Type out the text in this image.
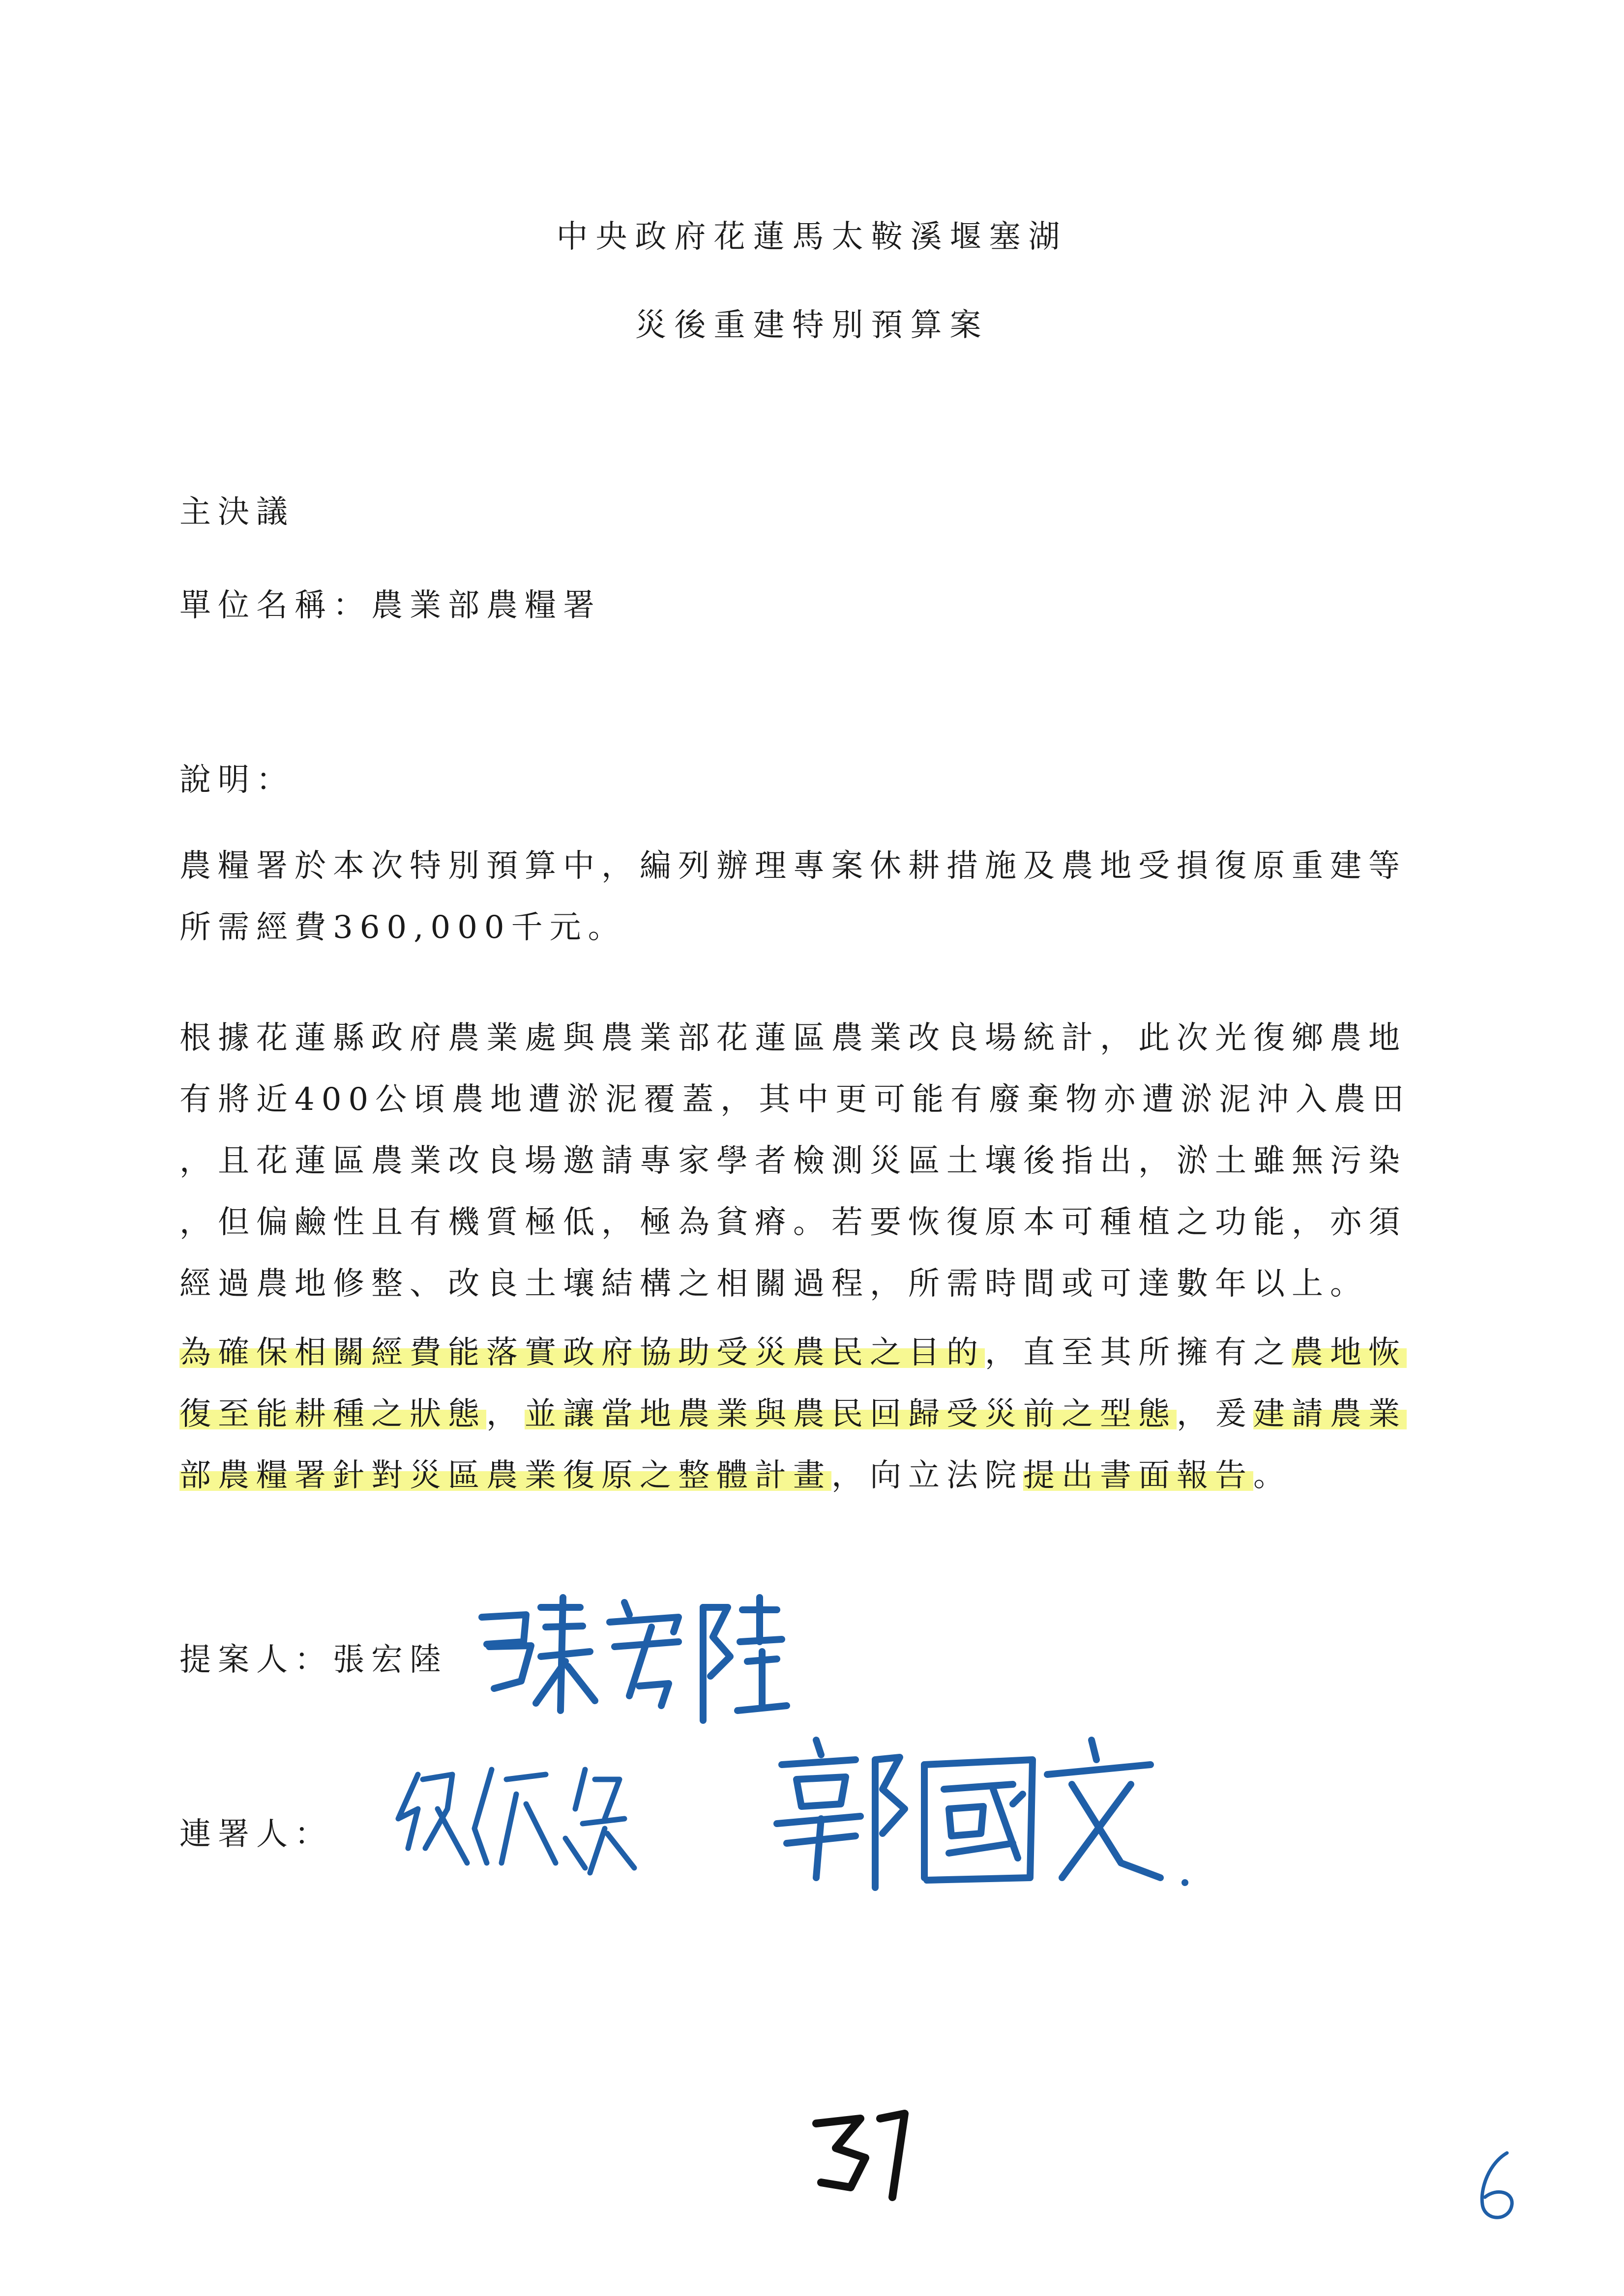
中央政府花蓮馬太鞍溪堰塞湖
災後重建特別預算案
主決議
單位名稱：農業部農糧署
說明：
農糧署於本次特別預算中，編列辦理專案休耕措施及農地受損復原重建等
所需經費360,000千元。
根據花蓮縣政府農業處與農業部花蓮區農業改良場統計，此次光復鄉農地
有將近400公頃農地遭淤泥覆蓋，其中更可能有廢棄物亦遭淤泥沖入農田
，且花蓮區農業改良場邀請專家學者檢測災區土壤後指出，淤土雖無污染
，但偏鹼性且有機質極低，極為貧瘠。若要恢復原本可種植之功能，亦須
經過農地修整、改良土壤結構之相關過程，所需時間或可達數年以上。
為確保相關經費能落實政府協助受災農民之目的，直至其所擁有之農地恢
復至能耕種之狀態，並讓當地農業與農民回歸受災前之型態，爰建請農業
部農糧署針對災區農業復原之整體計畫，向立法院提出書面報告。
提案人：張宏陸
連署人：
